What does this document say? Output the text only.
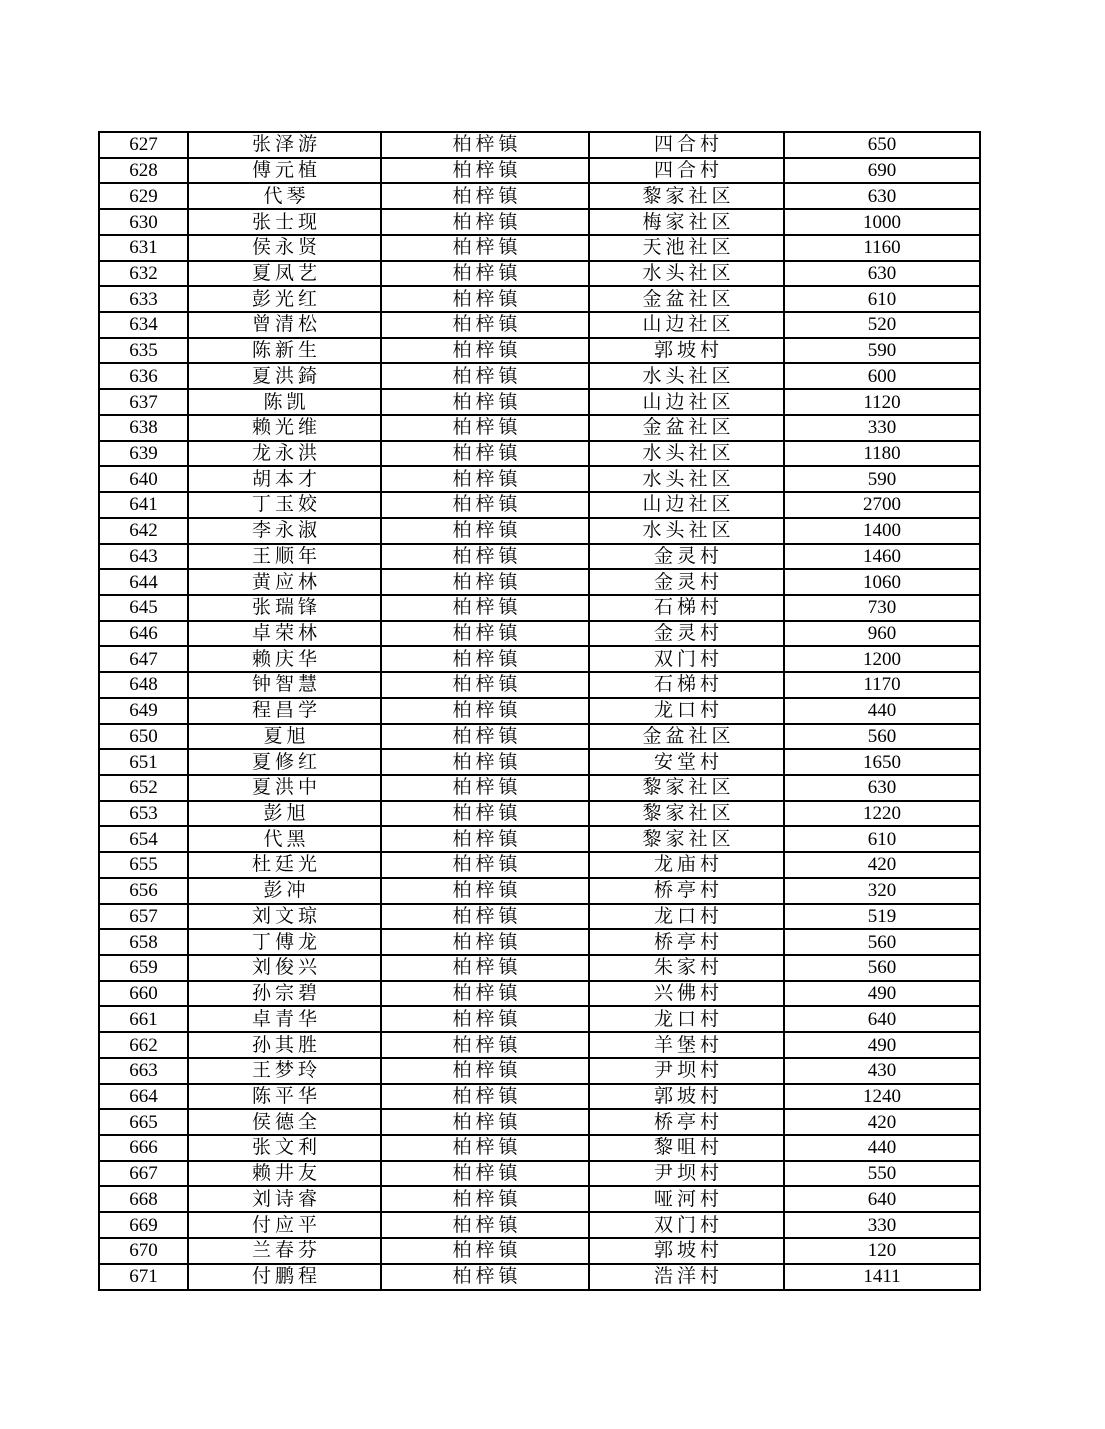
627	张泽游	柏梓镇	四合村	650
628	傅元植	柏梓镇	四合村	690
629	代琴	柏梓镇	黎家社区	630
630	张士现	柏梓镇	梅家社区	1000
631	侯永贤	柏梓镇	天池社区	1160
632	夏凤艺	柏梓镇	水头社区	630
633	彭光红	柏梓镇	金盆社区	610
634	曾清松	柏梓镇	山边社区	520
635	陈新生	柏梓镇	郭坡村	590
636	夏洪錡	柏梓镇	水头社区	600
637	陈凯	柏梓镇	山边社区	1120
638	赖光维	柏梓镇	金盆社区	330
639	龙永洪	柏梓镇	水头社区	1180
640	胡本才	柏梓镇	水头社区	590
641	丁玉姣	柏梓镇	山边社区	2700
642	李永淑	柏梓镇	水头社区	1400
643	王顺年	柏梓镇	金灵村	1460
644	黄应林	柏梓镇	金灵村	1060
645	张瑞锋	柏梓镇	石梯村	730
646	卓荣林	柏梓镇	金灵村	960
647	赖庆华	柏梓镇	双门村	1200
648	钟智慧	柏梓镇	石梯村	1170
649	程昌学	柏梓镇	龙口村	440
650	夏旭	柏梓镇	金盆社区	560
651	夏修红	柏梓镇	安堂村	1650
652	夏洪中	柏梓镇	黎家社区	630
653	彭旭	柏梓镇	黎家社区	1220
654	代黑	柏梓镇	黎家社区	610
655	杜廷光	柏梓镇	龙庙村	420
656	彭冲	柏梓镇	桥亭村	320
657	刘文琼	柏梓镇	龙口村	519
658	丁傅龙	柏梓镇	桥亭村	560
659	刘俊兴	柏梓镇	朱家村	560
660	孙宗碧	柏梓镇	兴佛村	490
661	卓青华	柏梓镇	龙口村	640
662	孙其胜	柏梓镇	羊堡村	490
663	王梦玲	柏梓镇	尹坝村	430
664	陈平华	柏梓镇	郭坡村	1240
665	侯德全	柏梓镇	桥亭村	420
666	张文利	柏梓镇	黎咀村	440
667	赖井友	柏梓镇	尹坝村	550
668	刘诗睿	柏梓镇	哑河村	640
669	付应平	柏梓镇	双门村	330
670	兰春芬	柏梓镇	郭坡村	120
671	付鹏程	柏梓镇	浩洋村	1411
